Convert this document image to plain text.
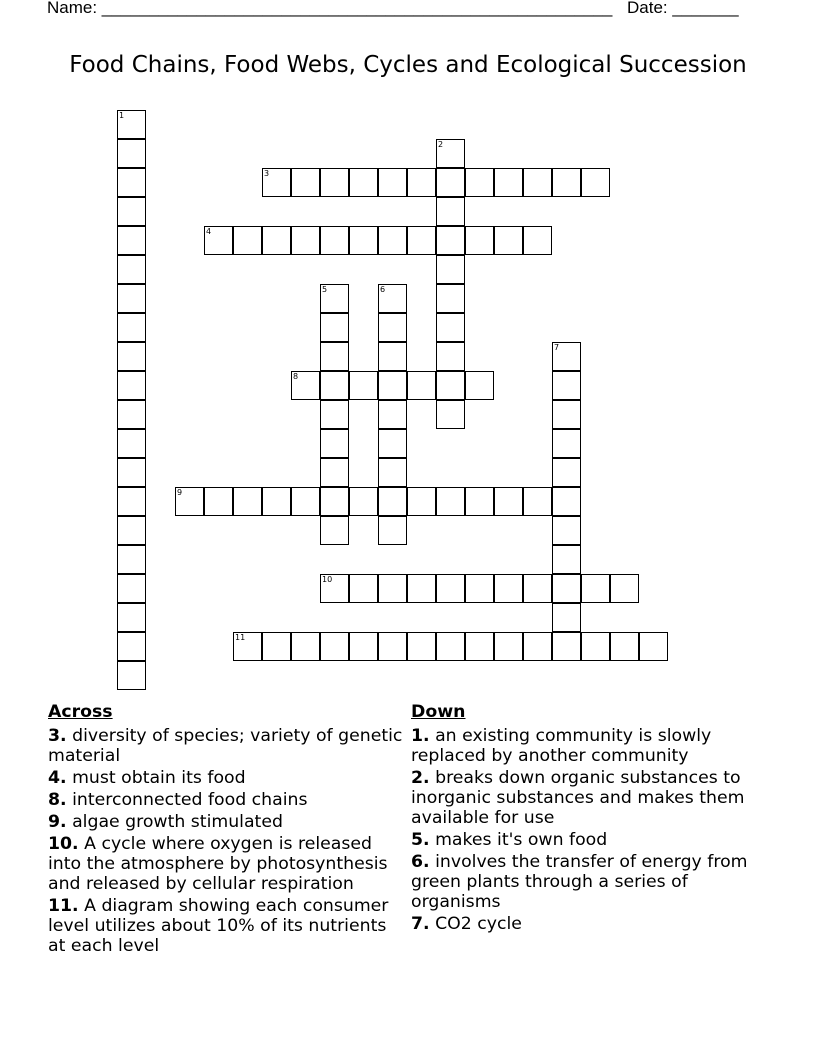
Name: ______________________________________________________ Date: _______
Food Chains, Food Webs, Cycles and Ecological Succession
1
2
3
4
5	6
7
8
9
10
11
Across
3. diversity of species; variety of genetic material
4. must obtain its food
8. interconnected food chains
9. algae growth stimulated
10. A cycle where oxygen is released into the atmosphere by photosynthesis and released by cellular respiration
11. A diagram showing each consumer level utilizes about 10% of its nutrients at each level
Down
1. an existing community is slowly replaced by another community
2. breaks down organic substances to inorganic substances and makes them available for use
5. makes it's own food
6. involves the transfer of energy from green plants through a series of organisms
7. CO2 cycle
